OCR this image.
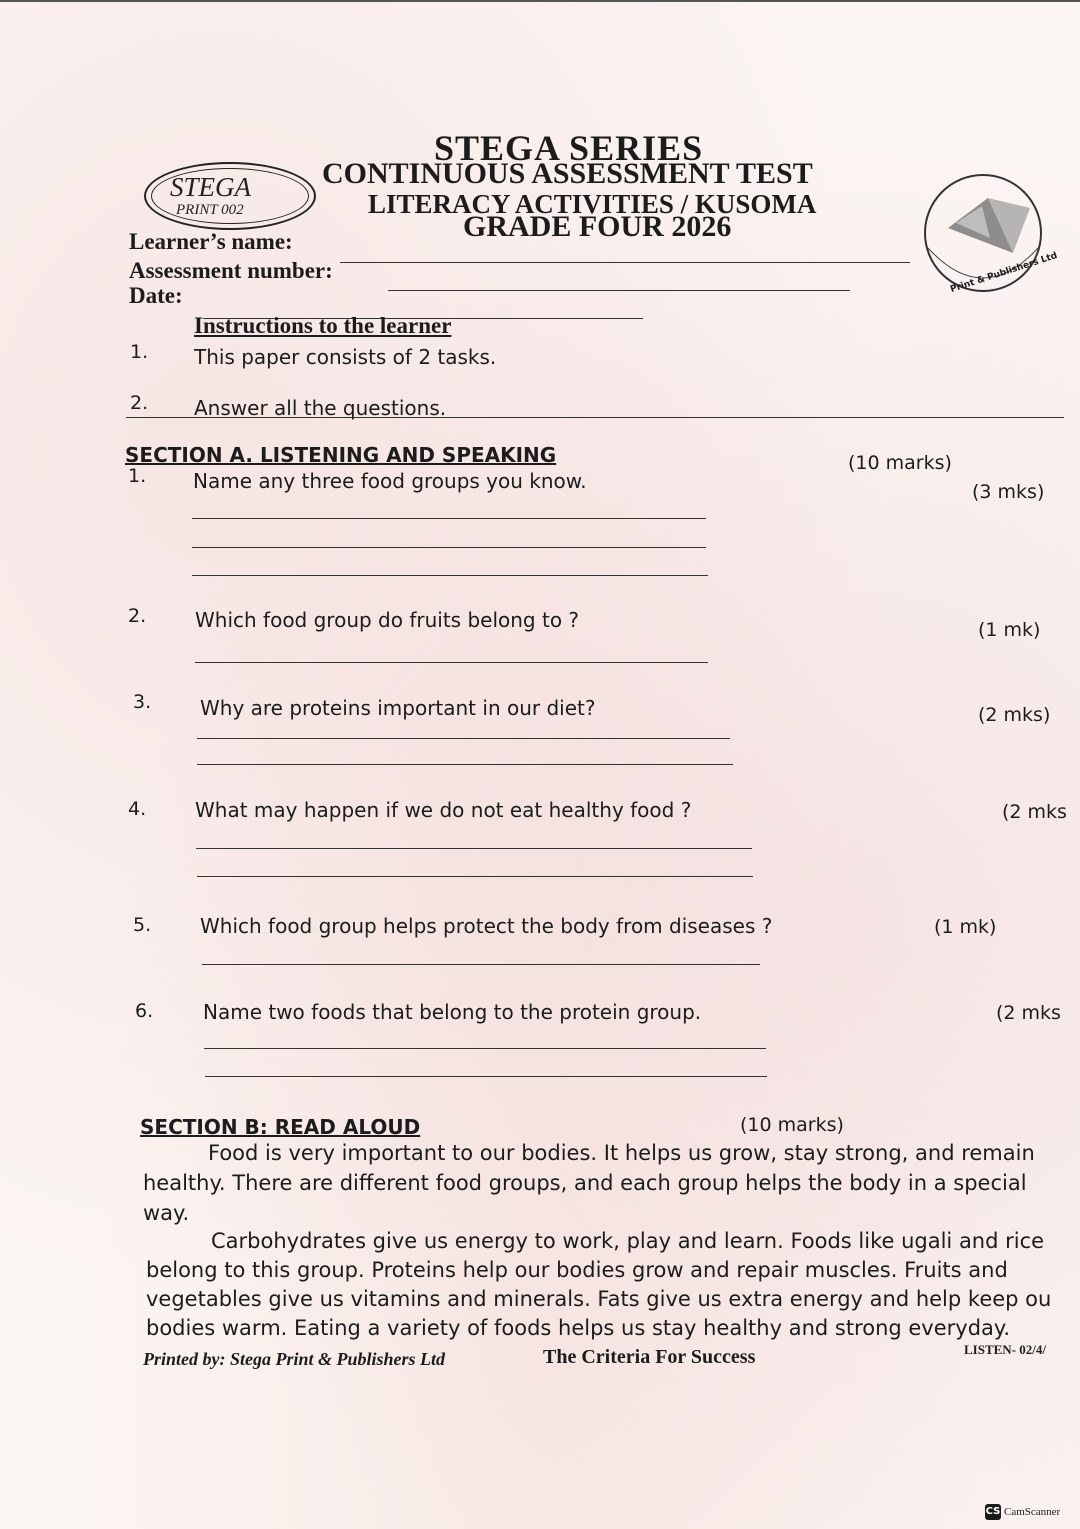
STEGA
PRINT 002
Print & Publishers Ltd
STEGA SERIES
CONTINUOUS ASSESSMENT TEST
LITERACY ACTIVITIES / KUSOMA
GRADE FOUR 2026
Learner’s name:
Assessment number:
Date:
Instructions to the learner
1. This paper consists of 2 tasks.
2. Answer all the questions.
SECTION A. LISTENING AND SPEAKING	(10 marks)
1. Name any three food groups you know.	(3 mks)
2. Which food group do fruits belong to ?	(1 mk)
3. Why are proteins important in our diet?	(2 mks)
4. What may happen if we do not eat healthy food ?	(2 mks
5. Which food group helps protect the body from diseases ?	(1 mk)
6. Name two foods that belong to the protein group.	(2 mks
SECTION B: READ ALOUD	(10 marks)
Food is very important to our bodies. It helps us grow, stay strong, and remain
healthy. There are different food groups, and each group helps the body in a special
way.
Carbohydrates give us energy to work, play and learn. Foods like ugali and rice
belong to this group. Proteins help our bodies grow and repair muscles. Fruits and
vegetables give us vitamins and minerals. Fats give us extra energy and help keep ou
bodies warm. Eating a variety of foods helps us stay healthy and strong everyday.
Printed by: Stega Print & Publishers Ltd	The Criteria For Success	LISTEN- 02/4/
CS CamScanner
